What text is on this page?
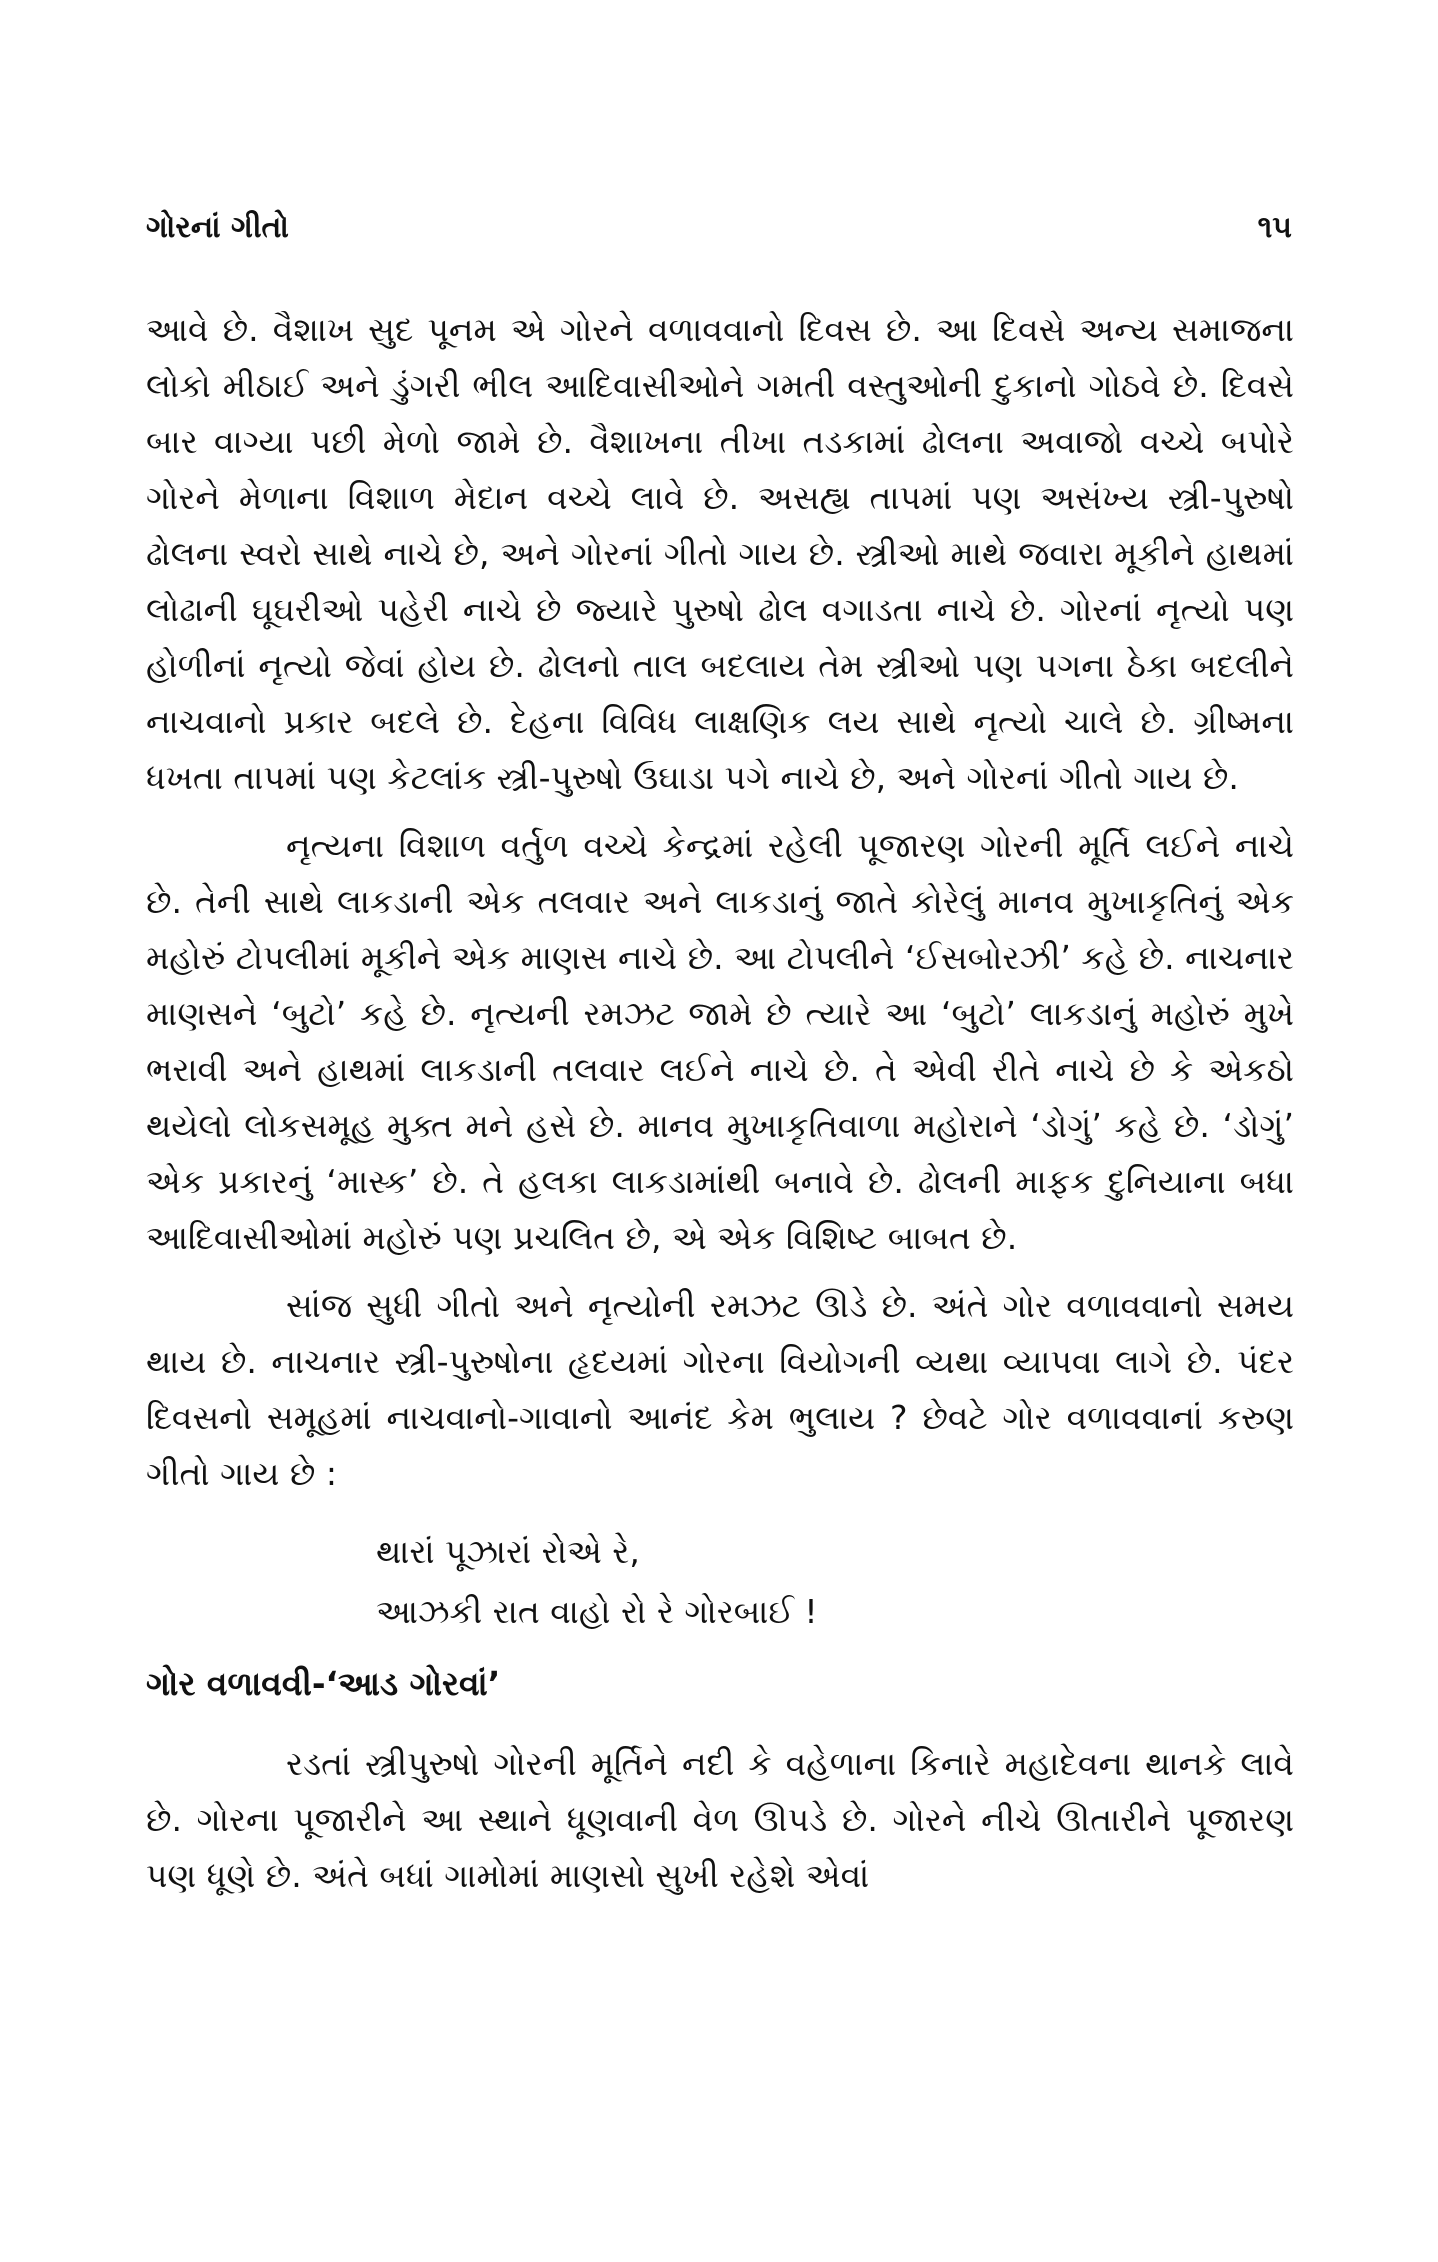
ગોરનાં ગીતો	૧૫

આવે છે. વૈશાખ સુદ પૂનમ એ ગોરને વળાવવાનો દિવસ છે. આ દિવસે અન્ય સમાજના લોકો મીઠાઈ અને ડુંગરી ભીલ આદિવાસીઓને ગમતી વસ્તુઓની દુકાનો ગોઠવે છે. દિવસે બાર વાગ્યા પછી મેળો જામે છે. વૈશાખના તીખા તડકામાં ઢોલના અવાજો વચ્ચે બપોરે ગોરને મેળાના વિશાળ મેદાન વચ્ચે લાવે છે. અસહ્ય તાપમાં પણ અસંખ્ય સ્ત્રી-પુરુષો ઢોલના સ્વરો સાથે નાચે છે, અને ગોરનાં ગીતો ગાય છે. સ્ત્રીઓ માથે જવારા મૂકીને હાથમાં લોઢાની ઘૂઘરીઓ પહેરી નાચે છે જ્યારે પુરુષો ઢોલ વગાડતા નાચે છે. ગોરનાં નૃત્યો પણ હોળીનાં નૃત્યો જેવાં હોય છે. ઢોલનો તાલ બદલાય તેમ સ્ત્રીઓ પણ પગના ઠેકા બદલીને નાચવાનો પ્રકાર બદલે છે. દેહના વિવિધ લાક્ષણિક લય સાથે નૃત્યો ચાલે છે. ગ્રીષ્મના ધખતા તાપમાં પણ કેટલાંક સ્ત્રી-પુરુષો ઉઘાડા પગે નાચે છે, અને ગોરનાં ગીતો ગાય છે.

નૃત્યના વિશાળ વર્તુળ વચ્ચે કેન્દ્રમાં રહેલી પૂજારણ ગોરની મૂર્તિ લઈને નાચે છે. તેની સાથે લાકડાની એક તલવાર અને લાકડાનું જાતે કોરેલું માનવ મુખાકૃતિનું એક મહોરું ટોપલીમાં મૂકીને એક માણસ નાચે છે. આ ટોપલીને ‘ઈસબોરઝી’ કહે છે. નાચનાર માણસને ‘બુટો’ કહે છે. નૃત્યની રમઝટ જામે છે ત્યારે આ ‘બુટો’ લાકડાનું મહોરું મુખે ભરાવી અને હાથમાં લાકડાની તલવાર લઈને નાચે છે. તે એવી રીતે નાચે છે કે એકઠો થયેલો લોકસમૂહ મુક્ત મને હસે છે. માનવ મુખાકૃતિવાળા મહોરાને ‘ડોગું’ કહે છે. ‘ડોગું’ એક પ્રકારનું ‘માસ્ક’ છે. તે હલકા લાકડામાંથી બનાવે છે. ઢોલની માફક દુનિયાના બધા આદિવાસીઓમાં મહોરું પણ પ્રચલિત છે, એ એક વિશિષ્ટ બાબત છે.

સાંજ સુધી ગીતો અને નૃત્યોની રમઝટ ઊડે છે. અંતે ગોર વળાવવાનો સમય થાય છે. નાચનાર સ્ત્રી-પુરુષોના હૃદયમાં ગોરના વિયોગની વ્યથા વ્યાપવા લાગે છે. પંદર દિવસનો સમૂહમાં નાચવાનો-ગાવાનો આનંદ કેમ ભુલાય ? છેવટે ગોર વળાવવાનાં કરુણ ગીતો ગાય છે :

થારાં પૂઝારાં રોએ રે,
આઝકી રાત વાહો રો રે ગોરબાઈ !
ગોર વળાવવી-‘આડ ગોરવાં’

રડતાં સ્ત્રીપુરુષો ગોરની મૂર્તિને નદી કે વહેળાના કિનારે મહાદેવના થાનકે લાવે છે. ગોરના પૂજારીને આ સ્થાને ધૂણવાની વેળ ઊપડે છે. ગોરને નીચે ઊતારીને પૂજારણ પણ ધૂણે છે. અંતે બધાં ગામોમાં માણસો સુખી રહેશે એવાં
